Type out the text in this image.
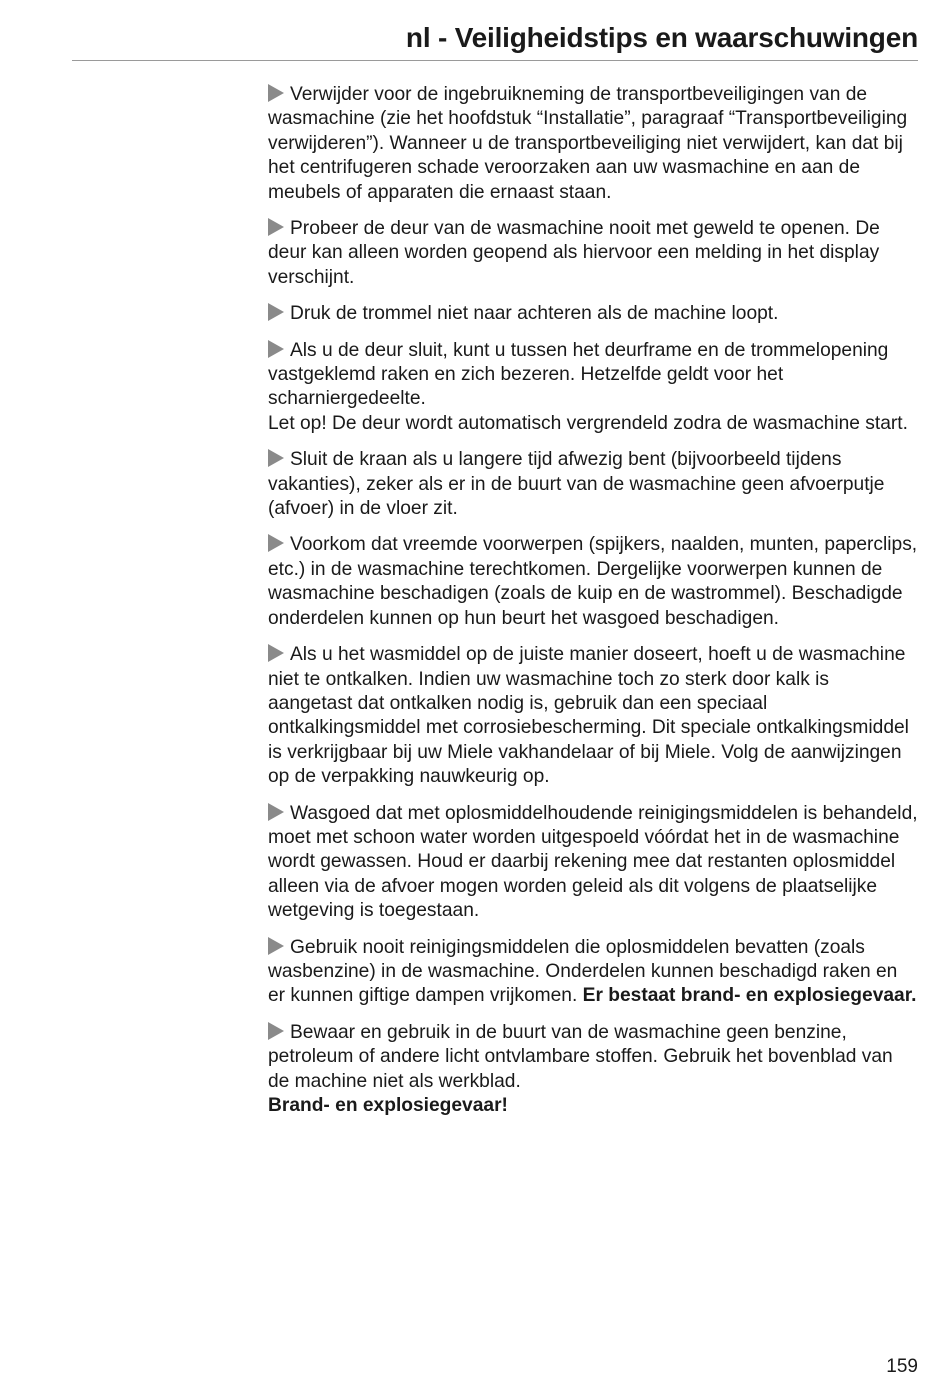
nl - Veiligheidstips en waarschuwingen

Verwijder voor de ingebruikneming de transportbeveiligingen van de wasmachine (zie het hoofdstuk “Installatie”, paragraaf “Transportbeveiliging verwijderen”). Wanneer u de transportbeveiliging niet verwijdert, kan dat bij het centrifugeren schade veroorzaken aan uw wasmachine en aan de meubels of apparaten die ernaast staan.

Probeer de deur van de wasmachine nooit met geweld te openen. De deur kan alleen worden geopend als hiervoor een melding in het display verschijnt.

Druk de trommel niet naar achteren als de machine loopt.

Als u de deur sluit, kunt u tussen het deurframe en de trommelopening vastgeklemd raken en zich bezeren. Hetzelfde geldt voor het scharniergedeelte.
Let op! De deur wordt automatisch vergrendeld zodra de wasmachine start.

Sluit de kraan als u langere tijd afwezig bent (bijvoorbeeld tijdens vakanties), zeker als er in de buurt van de wasmachine geen afvoerputje (afvoer) in de vloer zit.

Voorkom dat vreemde voorwerpen (spijkers, naalden, munten, paperclips, etc.) in de wasmachine terechtkomen. Dergelijke voorwerpen kunnen de wasmachine beschadigen (zoals de kuip en de wastrommel). Beschadigde onderdelen kunnen op hun beurt het wasgoed beschadigen.

Als u het wasmiddel op de juiste manier doseert, hoeft u de wasmachine niet te ontkalken. Indien uw wasmachine toch zo sterk door kalk is aangetast dat ontkalken nodig is, gebruik dan een speciaal ontkalkingsmiddel met corrosiebescherming. Dit speciale ontkalkingsmiddel is verkrijgbaar bij uw Miele vakhandelaar of bij Miele. Volg de aanwijzingen op de verpakking nauwkeurig op.

Wasgoed dat met oplosmiddelhoudende reinigingsmiddelen is behandeld, moet met schoon water worden uitgespoeld vóórdat het in de wasmachine wordt gewassen. Houd er daarbij rekening mee dat restanten oplosmiddel alleen via de afvoer mogen worden geleid als dit volgens de plaatselijke wetgeving is toegestaan.

Gebruik nooit reinigingsmiddelen die oplosmiddelen bevatten (zoals wasbenzine) in de wasmachine. Onderdelen kunnen beschadigd raken en er kunnen giftige dampen vrijkomen. Er bestaat brand- en explosiegevaar.

Bewaar en gebruik in de buurt van de wasmachine geen benzine, petroleum of andere licht ontvlambare stoffen. Gebruik het bovenblad van de machine niet als werkblad.
Brand- en explosiegevaar!

159
